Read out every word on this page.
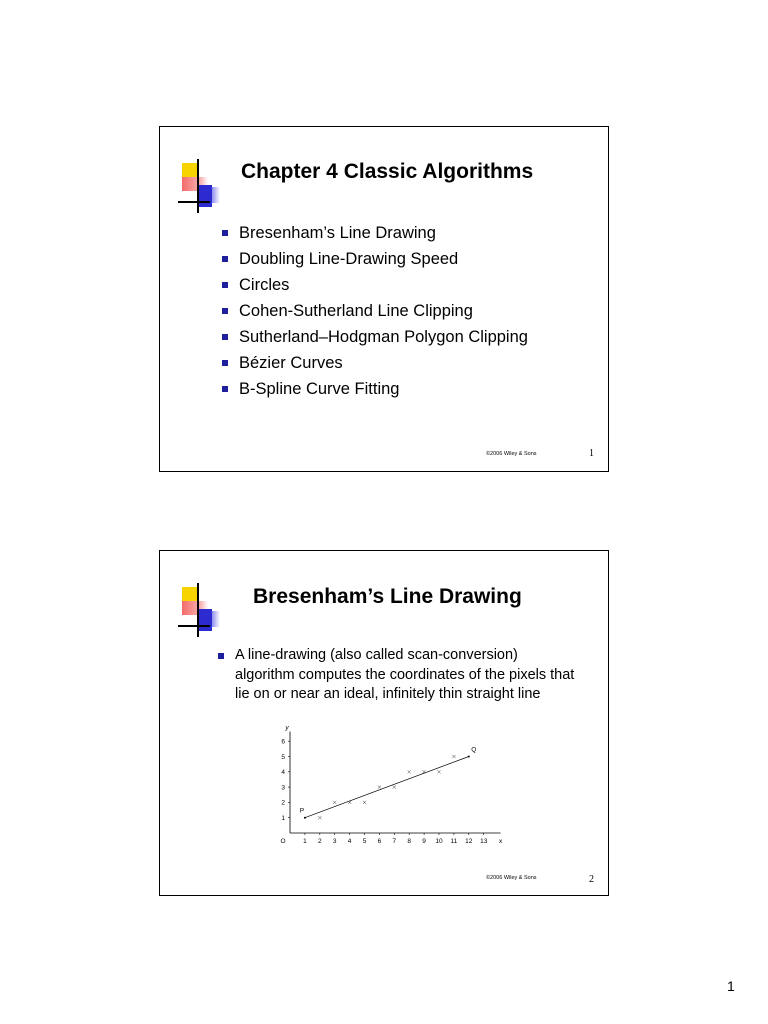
Chapter 4 Classic Algorithms
Bresenham’s Line Drawing
Doubling Line-Drawing Speed
Circles
Cohen-Sutherland Line Clipping
Sutherland–Hodgman Polygon Clipping
Bézier Curves
B-Spline Curve Fitting
©2006 Wiley & Sons	1
Bresenham’s Line Drawing
A line-drawing (also called scan-conversion) algorithm computes the coordinates of the pixels that lie on or near an ideal, infinitely thin straight line
1 2 3 4 5 6 7 8 9 10 11 12 13
1
2
3
4
5
6
x
y
O
P
Q
©2006 Wiley & Sons	2
1
